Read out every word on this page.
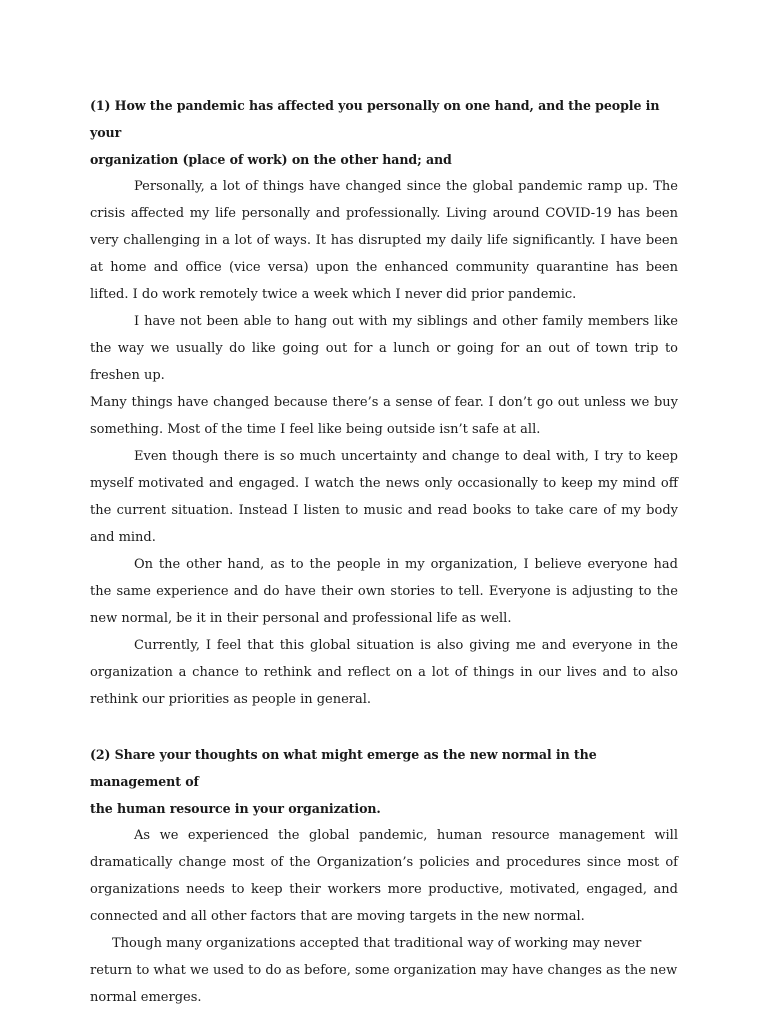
(1) How the pandemic has affected you personally on one hand, and the people in your
organization (place of work) on the other hand; and

Personally, a lot of things have changed since the global pandemic ramp up. The crisis affected my life personally and professionally. Living around COVID-19 has been very challenging in a lot of ways. It has disrupted my daily life significantly. I have been at home and office (vice versa) upon the enhanced community quarantine has been lifted. I do work remotely twice a week which I never did prior pandemic.

I have not been able to hang out with my siblings and other family members like the way we usually do like going out for a lunch or going for an out of town trip to freshen up.

Many things have changed because there’s a sense of fear. I don’t go out unless we buy something. Most of the time I feel like being outside isn’t safe at all.

Even though there is so much uncertainty and change to deal with, I try to keep myself motivated and engaged. I watch the news only occasionally to keep my mind off the current situation. Instead I listen to music and read books to take care of my body and mind.

On the other hand, as to the people in my organization, I believe everyone had the same experience and do have their own stories to tell. Everyone is adjusting to the new normal, be it in their personal and professional life as well.

Currently, I feel that this global situation is also giving me and everyone in the organization a chance to rethink and reflect on a lot of things in our lives and to also rethink our priorities as people in general.

(2) Share your thoughts on what might emerge as the new normal in the management of
the human resource in your organization.

As we experienced the global pandemic, human resource management will dramatically change most of the Organization’s policies and procedures since most of organizations needs to keep their workers more productive, motivated, engaged, and connected and all other factors that are moving targets in the new normal.

Though many organizations accepted that traditional way of working may never return to what we used to do as before, some organization may have changes as the new normal emerges.
